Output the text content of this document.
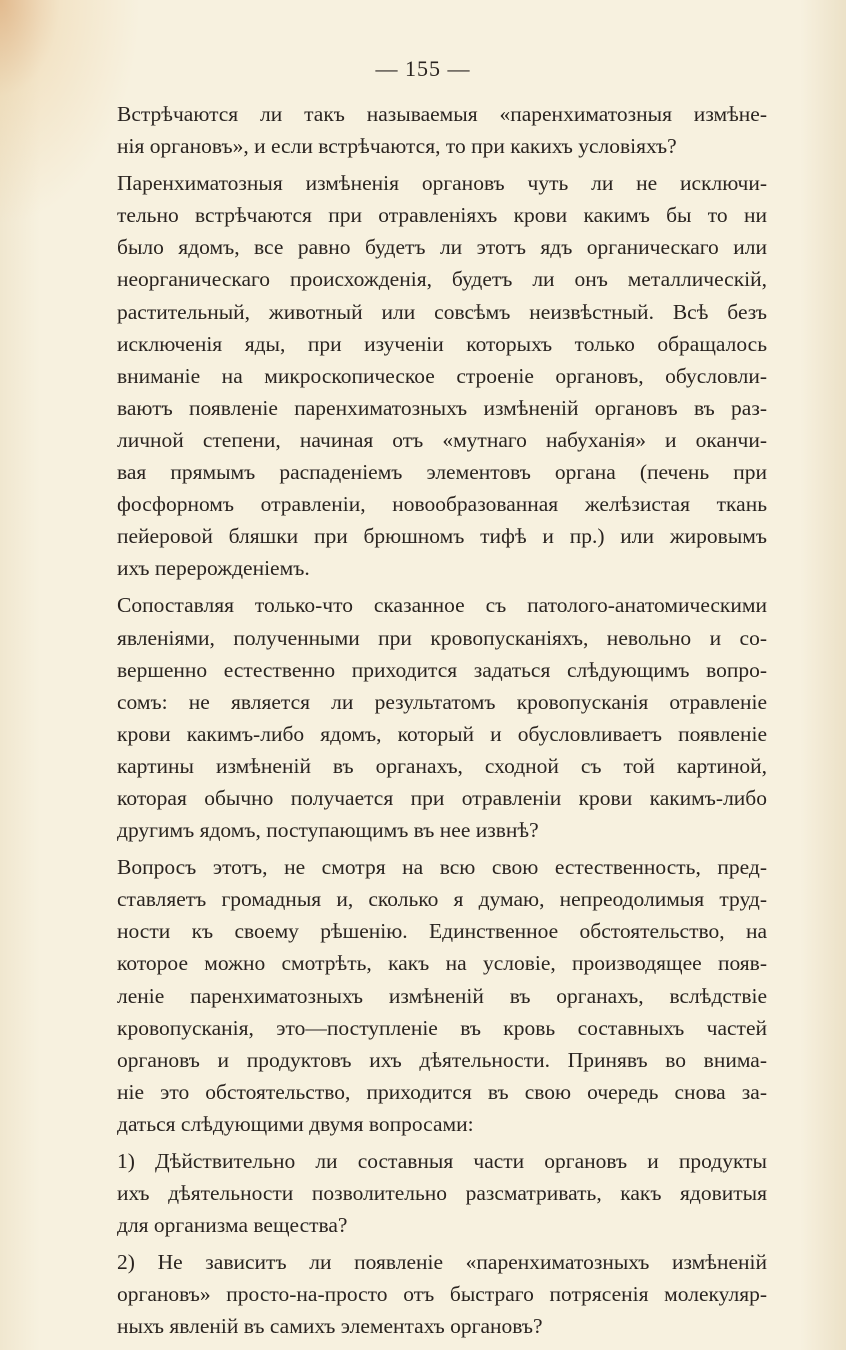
— 155 —
Встрѣчаются ли такъ называемыя «паренхиматозныя измѣне-
нія органовъ», и если встрѣчаются, то при какихъ условіяхъ?
Паренхиматозныя измѣненія органовъ чуть ли не исключи-
тельно встрѣчаются при отравленіяхъ крови какимъ бы то ни
было ядомъ, все равно будетъ ли этотъ ядъ органическаго или
неорганическаго происхожденія, будетъ ли онъ металлическій,
растительный, животный или совсѣмъ неизвѣстный. Всѣ безъ
исключенія яды, при изученіи которыхъ только обращалось
вниманіе на микроскопическое строеніе органовъ, обусловли-
ваютъ появленіе паренхиматозныхъ измѣненій органовъ въ раз-
личной степени, начиная отъ «мутнаго набуханія» и оканчи-
вая прямымъ распаденіемъ элементовъ органа (печень при
фосфорномъ отравленіи, новообразованная желѣзистая ткань
пейеровой бляшки при брюшномъ тифѣ и пр.) или жировымъ
ихъ перерожденіемъ.
Сопоставляя только-что сказанное съ патолого-анатомическими
явленіями, полученными при кровопусканіяхъ, невольно и со-
вершенно естественно приходится задаться слѣдующимъ вопро-
сомъ: не является ли результатомъ кровопусканія отравленіе
крови какимъ-либо ядомъ, который и обусловливаетъ появленіе
картины измѣненій въ органахъ, сходной съ той картиной,
которая обычно получается при отравленіи крови какимъ-либо
другимъ ядомъ, поступающимъ въ нее извнѣ?
Вопросъ этотъ, не смотря на всю свою естественность, пред-
ставляетъ громадныя и, сколько я думаю, непреодолимыя труд-
ности къ своему рѣшенію. Единственное обстоятельство, на
которое можно смотрѣть, какъ на условіе, производящее появ-
леніе паренхиматозныхъ измѣненій въ органахъ, вслѣдствіе
кровопусканія, это—поступленіе въ кровь составныхъ частей
органовъ и продуктовъ ихъ дѣятельности. Принявъ во внима-
ніе это обстоятельство, приходится въ свою очередь снова за-
даться слѣдующими двумя вопросами:
1) Дѣйствительно ли составныя части органовъ и продукты
ихъ дѣятельности позволительно разсматривать, какъ ядовитыя
для организма вещества?
2) Не зависитъ ли появленіе «паренхиматозныхъ измѣненій
органовъ» просто-на-просто отъ быстраго потрясенія молекуляр-
ныхъ явленій въ самихъ элементахъ органовъ?
